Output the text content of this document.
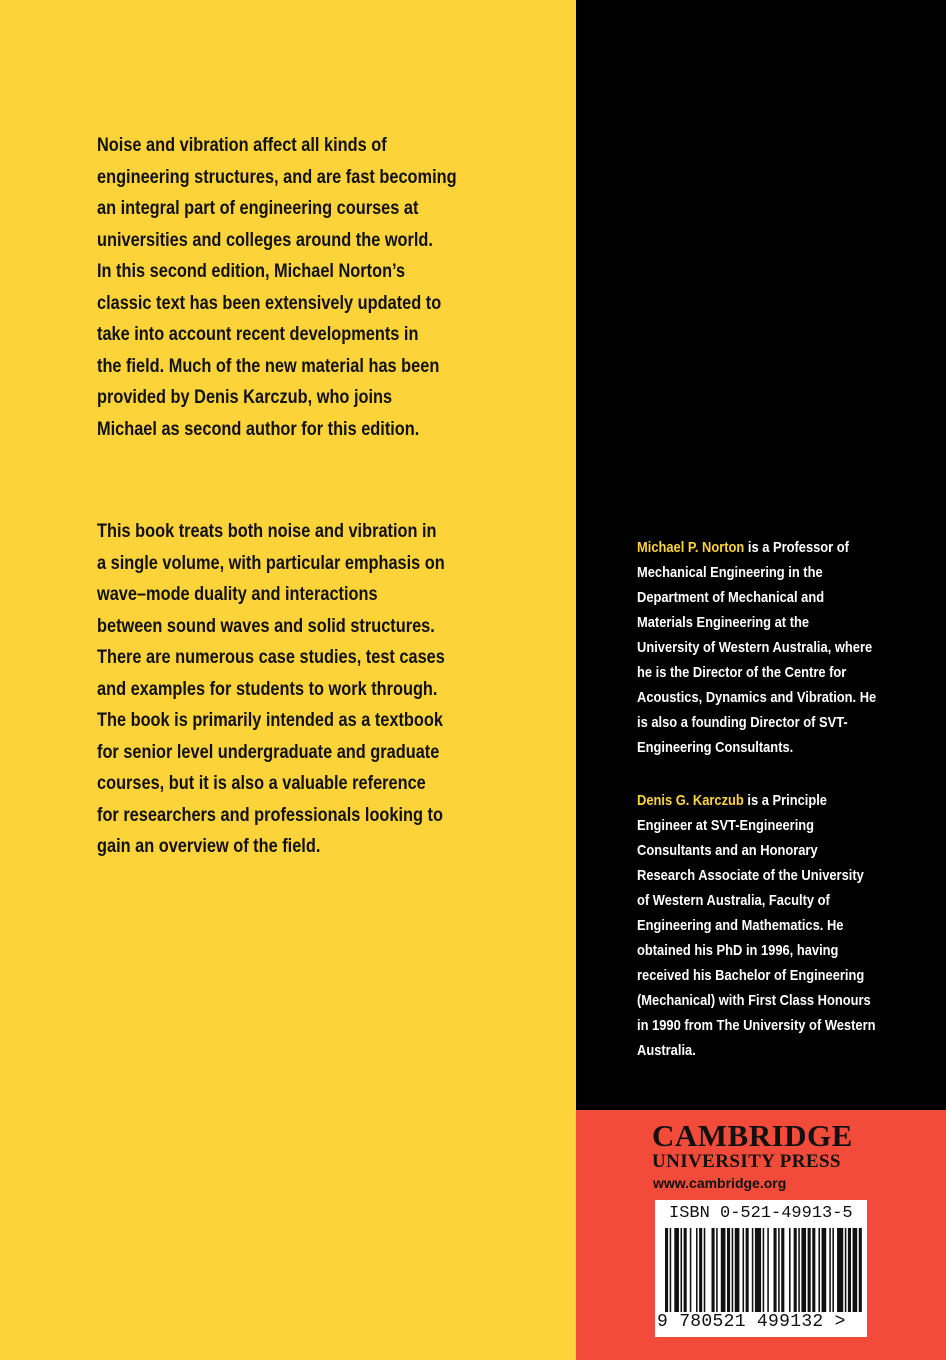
Noise and vibration affect all kinds of
engineering structures, and are fast becoming
an integral part of engineering courses at
universities and colleges around the world.
In this second edition, Michael Norton’s
classic text has been extensively updated to
take into account recent developments in
the field. Much of the new material has been
provided by Denis Karczub, who joins
Michael as second author for this edition.
This book treats both noise and vibration in
a single volume, with particular emphasis on
wave–mode duality and interactions
between sound waves and solid structures.
There are numerous case studies, test cases
and examples for students to work through.
The book is primarily intended as a textbook
for senior level undergraduate and graduate
courses, but it is also a valuable reference
for researchers and professionals looking to
gain an overview of the field.
Michael P. Norton is a Professor of
Mechanical Engineering in the
Department of Mechanical and
Materials Engineering at the
University of Western Australia, where
he is the Director of the Centre for
Acoustics, Dynamics and Vibration. He
is also a founding Director of SVT-
Engineering Consultants.
Denis G. Karczub is a Principle
Engineer at SVT-Engineering
Consultants and an Honorary
Research Associate of the University
of Western Australia, Faculty of
Engineering and Mathematics. He
obtained his PhD in 1996, having
received his Bachelor of Engineering
(Mechanical) with First Class Honours
in 1990 from The University of Western
Australia.
CAMBRIDGE
UNIVERSITY PRESS
www.cambridge.org
ISBN 0-521-49913-5
9 780521 499132 >
